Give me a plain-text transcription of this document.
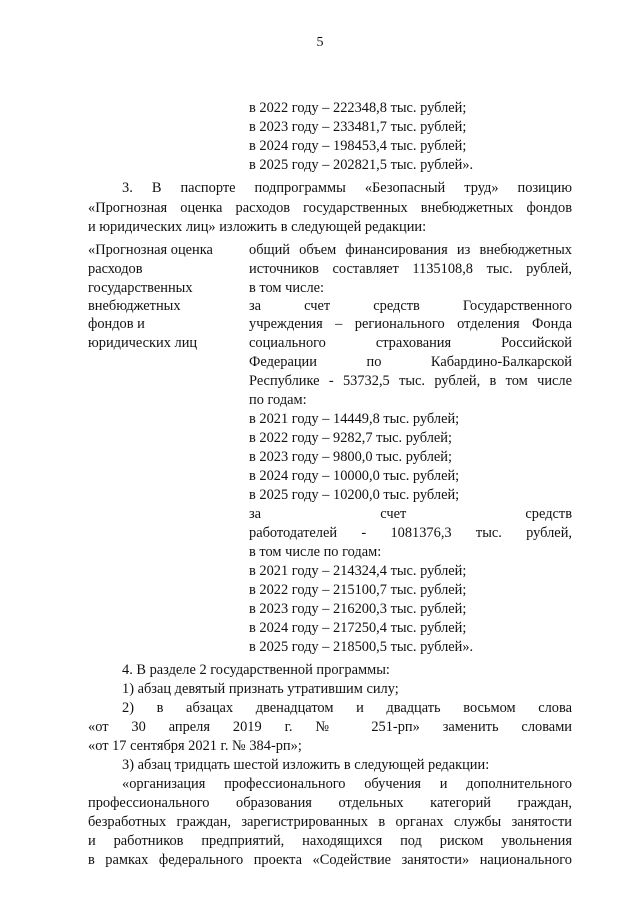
5
в 2022 году – 222348,8 тыс. рублей;
в 2023 году – 233481,7 тыс. рублей;
в 2024 году – 198453,4 тыс. рублей;
в 2025 году – 202821,5 тыс. рублей».
3. В паспорте подпрограммы «Безопасный труд» позицию
«Прогнозная оценка расходов государственных внебюджетных фондов
и юридических лиц» изложить в следующей редакции:
«Прогнозная оценка
расходов
государственных
внебюджетных
фондов и
юридических лиц
общий объем финансирования из внебюджетных
источников составляет 1135108,8 тыс. рублей,
в том числе:
за счет средств Государственного
учреждения – регионального отделения Фонда
социального страхования Российской
Федерации по Кабардино-Балкарской
Республике - 53732,5 тыс. рублей, в том числе
по годам:
в 2021 году – 14449,8 тыс. рублей;
в 2022 году – 9282,7 тыс. рублей;
в 2023 году – 9800,0 тыс. рублей;
в 2024 году – 10000,0 тыс. рублей;
в 2025 году – 10200,0 тыс. рублей;
за счет средств
работодателей - 1081376,3 тыс. рублей,
в том числе по годам:
в 2021 году – 214324,4 тыс. рублей;
в 2022 году – 215100,7 тыс. рублей;
в 2023 году – 216200,3 тыс. рублей;
в 2024 году – 217250,4 тыс. рублей;
в 2025 году – 218500,5 тыс. рублей».
4. В разделе 2 государственной программы:
1) абзац девятый признать утратившим силу;
2) в абзацах двенадцатом и двадцать восьмом слова
«от 30 апреля 2019 г. № 251-рп» заменить словами
«от 17 сентября 2021 г. № 384-рп»;
3) абзац тридцать шестой изложить в следующей редакции:
«организация профессионального обучения и дополнительного
профессионального образования отдельных категорий граждан,
безработных граждан, зарегистрированных в органах службы занятости
и работников предприятий, находящихся под риском увольнения
в рамках федерального проекта «Содействие занятости» национального
